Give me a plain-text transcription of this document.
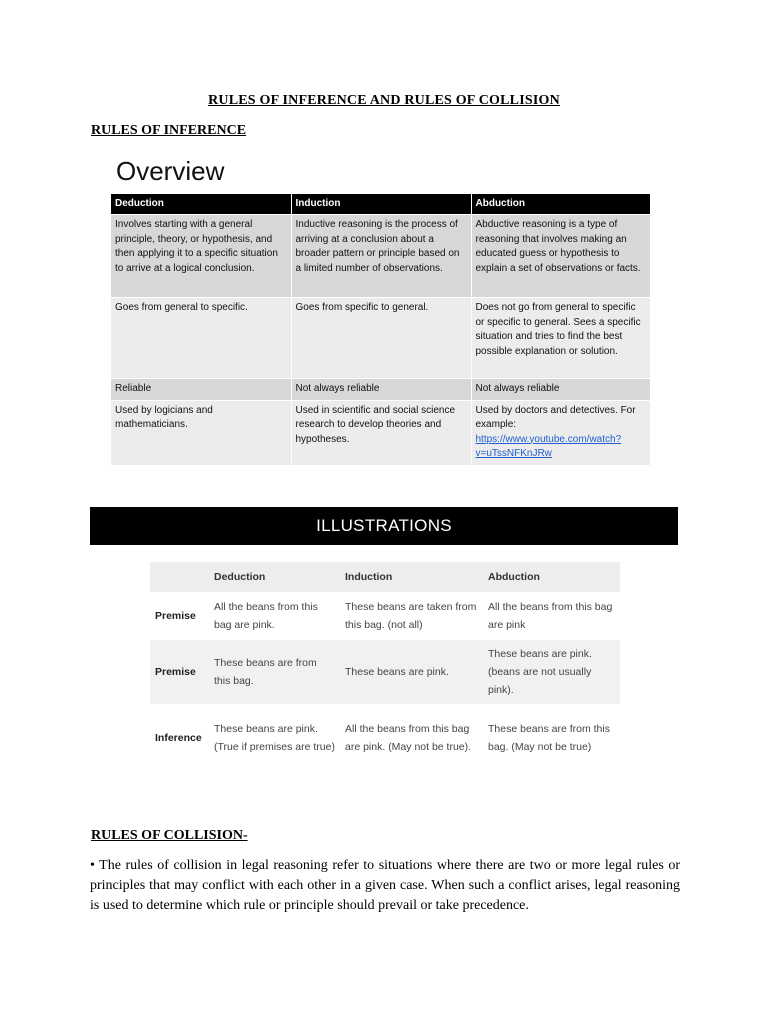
RULES OF INFERENCE AND RULES OF COLLISION
RULES OF INFERENCE
Overview
Deduction	Induction	Abduction
Involves starting with a general principle, theory, or hypothesis, and then applying it to a specific situation to arrive at a logical conclusion.	Inductive reasoning is the process of arriving at a conclusion about a broader pattern or principle based on a limited number of observations.	Abductive reasoning is a type of reasoning that involves making an educated guess or hypothesis to explain a set of observations or facts.
Goes from general to specific.	Goes from specific to general.	Does not go from general to specific or specific to general. Sees a specific situation and tries to find the best possible explanation or solution.
Reliable	Not always reliable	Not always reliable
Used by logicians and mathematicians.	Used in scientific and social science research to develop theories and hypotheses.	Used by doctors and detectives. For example: https://www.youtube.com/watch?v=uTssNFKnJRw
ILLUSTRATIONS
	Deduction	Induction	Abduction
Premise	All the beans from this bag are pink.	These beans are taken from this bag. (not all)	All the beans from this bag are pink
Premise	These beans are from this bag.	These beans are pink.	These beans are pink. (beans are not usually pink).
Inference	These beans are pink. (True if premises are true)	All the beans from this bag are pink. (May not be true).	These beans are from this bag. (May not be true)
RULES OF COLLISION-

• The rules of collision in legal reasoning refer to situations where there are two or more legal rules or principles that may conflict with each other in a given case. When such a conflict arises, legal reasoning is used to determine which rule or principle should prevail or take precedence.
